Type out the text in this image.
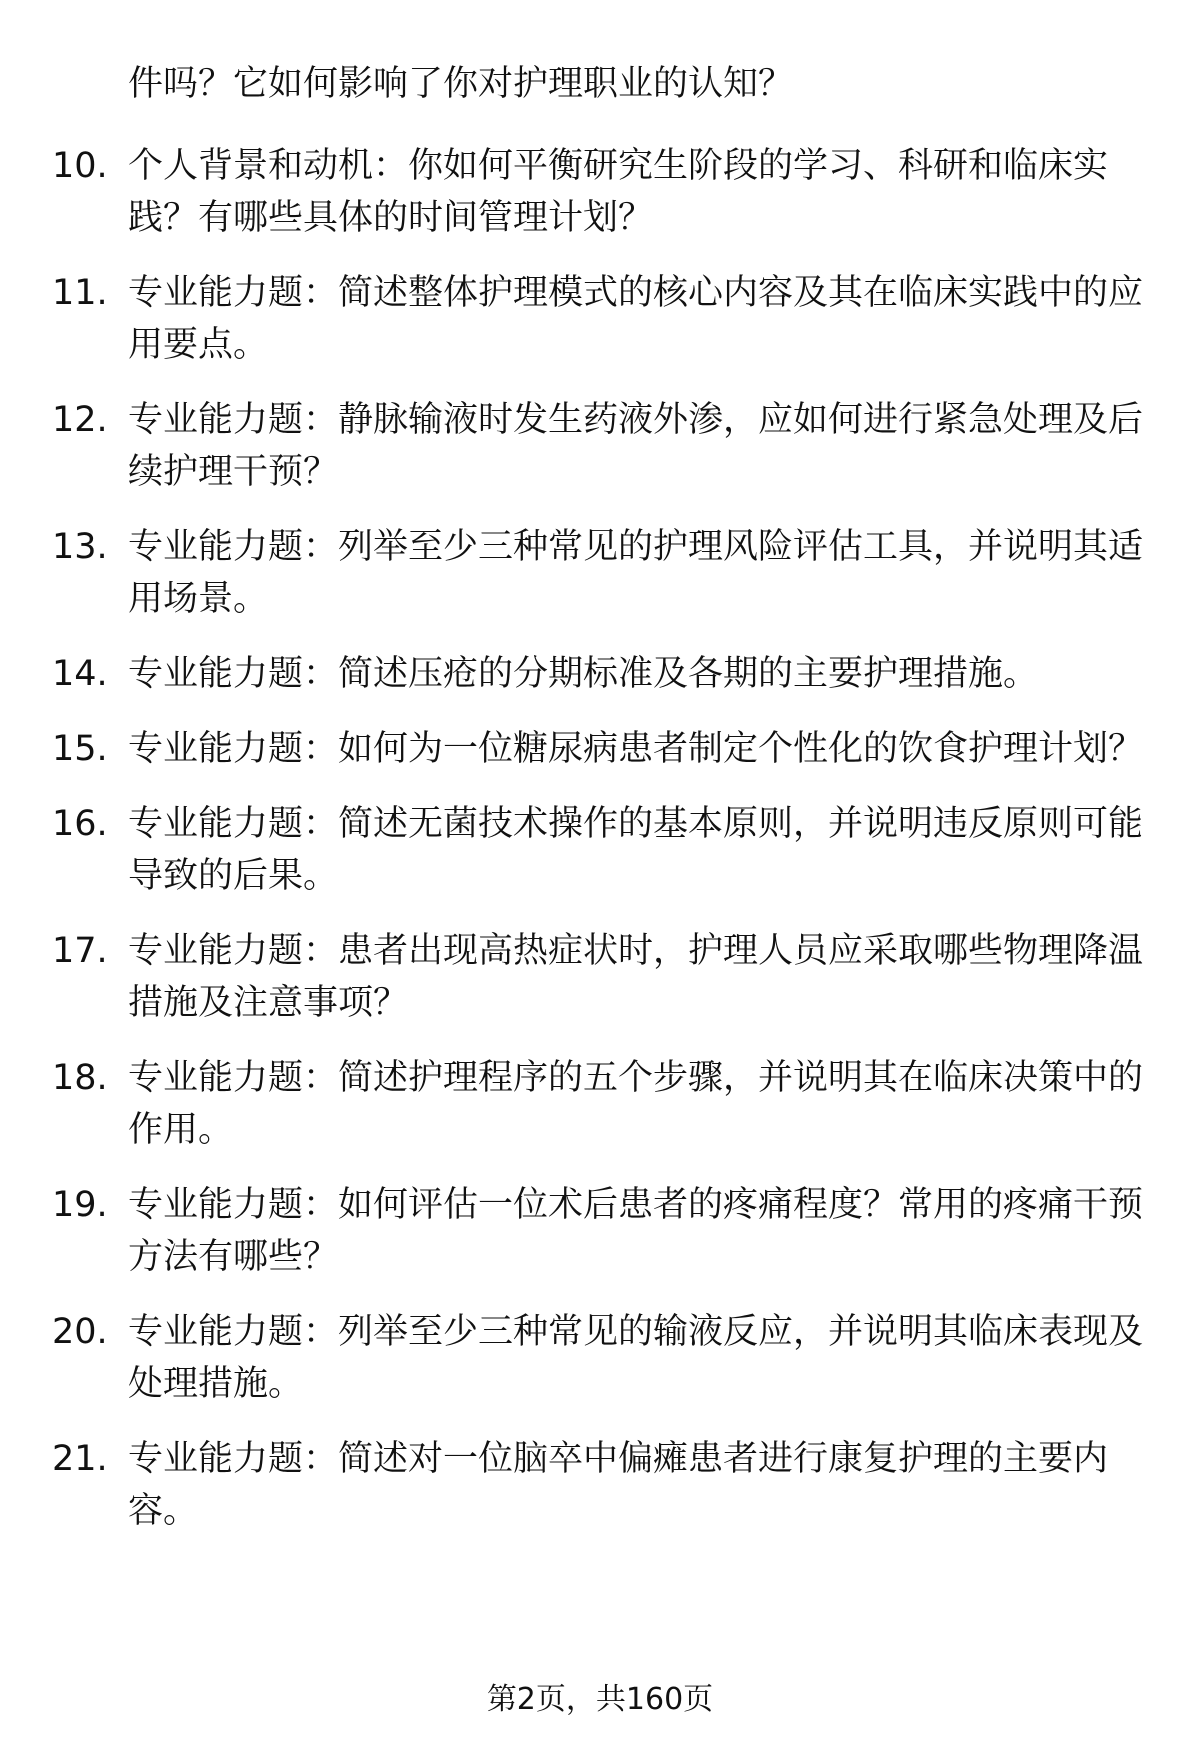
件吗？它如何影响了你对护理职业的认知？
10. 个人背景和动机：你如何平衡研究生阶段的学习、科研和临床实践？有哪些具体的时间管理计划？
11. 专业能力题：简述整体护理模式的核心内容及其在临床实践中的应用要点。
12. 专业能力题：静脉输液时发生药液外渗，应如何进行紧急处理及后续护理干预？
13. 专业能力题：列举至少三种常见的护理风险评估工具，并说明其适用场景。
14. 专业能力题：简述压疮的分期标准及各期的主要护理措施。
15. 专业能力题：如何为一位糖尿病患者制定个性化的饮食护理计划？
16. 专业能力题：简述无菌技术操作的基本原则，并说明违反原则可能导致的后果。
17. 专业能力题：患者出现高热症状时，护理人员应采取哪些物理降温措施及注意事项？
18. 专业能力题：简述护理程序的五个步骤，并说明其在临床决策中的作用。
19. 专业能力题：如何评估一位术后患者的疼痛程度？常用的疼痛干预方法有哪些？
20. 专业能力题：列举至少三种常见的输液反应，并说明其临床表现及处理措施。
21. 专业能力题：简述对一位脑卒中偏瘫患者进行康复护理的主要内容。
第2页，共160页
